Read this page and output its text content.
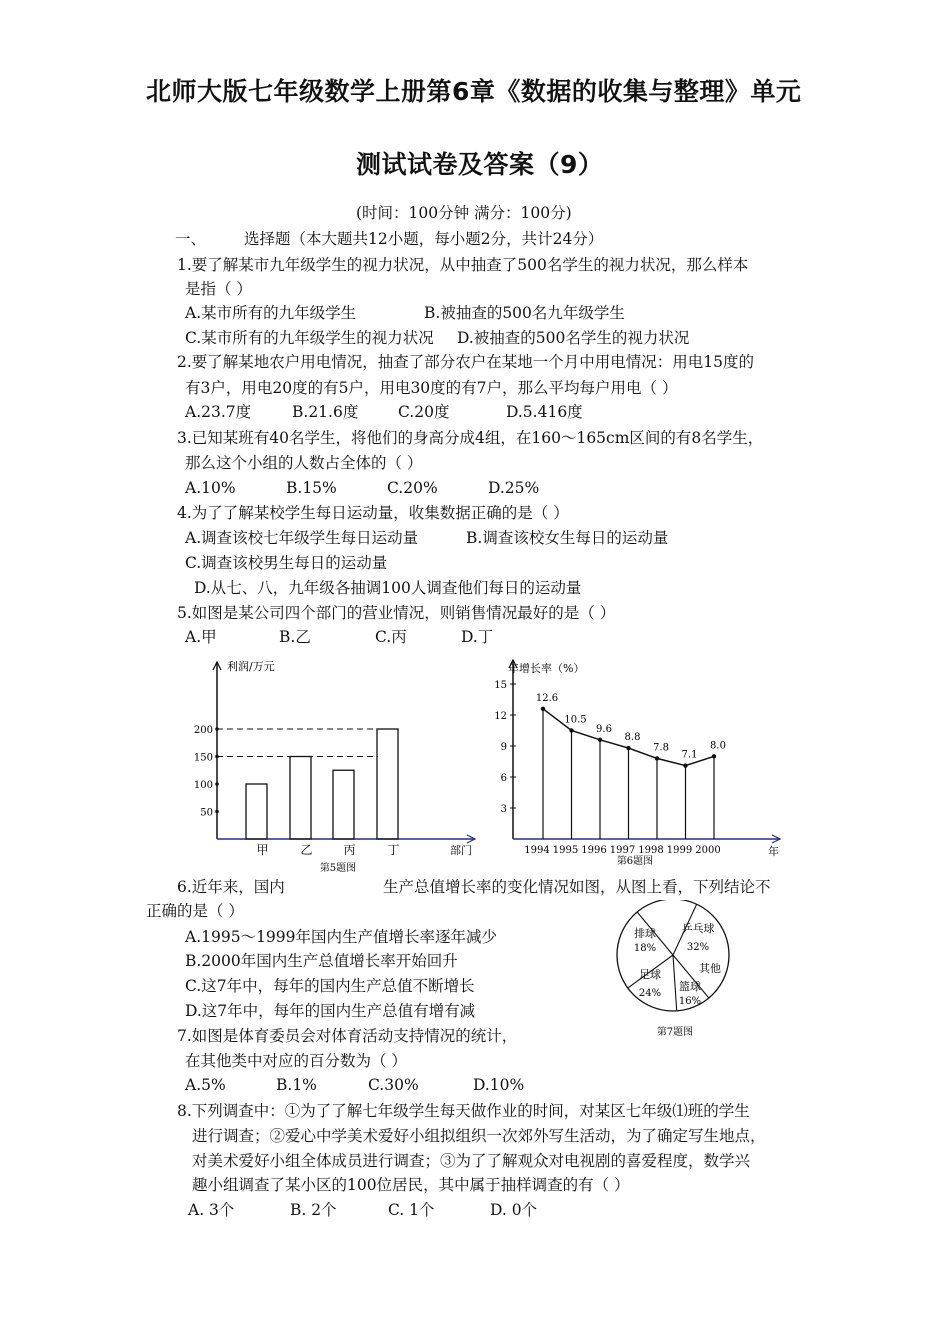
北师大版七年级数学上册第6章《数据的收集与整理》单元
测试试卷及答案（9）
(时间：100分钟 满分：100分)
一、 选择题（本大题共12小题，每小题2分，共计24分）
1.要了解某市九年级学生的视力状况，从中抽查了500名学生的视力状况，那么样本
是指（ ）
A.某市所有的九年级学生	B.被抽查的500名九年级学生
C.某市所有的九年级学生的视力状况 D.被抽查的500名学生的视力状况
2.要了解某地农户用电情况，抽查了部分农户在某地一个月中用电情况：用电15度的
有3户，用电20度的有5户，用电30度的有7户，那么平均每户用电（ ）
A.23.7度	B.21.6度	C.20度	D.5.416度
3.已知某班有40名学生，将他们的身高分成4组，在160～165cm区间的有8名学生，
那么这个小组的人数占全体的（ ）
A.10%	B.15%	C.20%	D.25%
4.为了了解某校学生每日运动量，收集数据正确的是（ ）
A.调查该校七年级学生每日运动量	B.调查该校女生每日的运动量
C.调查该校男生每日的运动量
D.从七、八，九年级各抽调100人调查他们每日的运动量
5.如图是某公司四个部门的营业情况，则销售情况最好的是（ ）
A.甲	B.乙	C.丙	D.丁
利润/万元
部门
50
100
150
200
甲	乙	丙	丁
第5题图
年增长率（%）
年
3
6
9
12
15
12.6
1994
10.5
1995
9.6
1996
8.8
1997
7.8
1998
7.1
1999
8.0
2000
第6题图
6.近年来，国内	生产总值增长率的变化情况如图，从图上看，下列结论不
正确的是（ ）
A.1995～1999年国内生产值增长率逐年减少
B.2000年国内生产总值增长率开始回升
C.这7年中，每年的国内生产总值不断增长
D.这7年中，每年的国内生产总值有增有减
乒乓球
32%
其他
篮球
16%
足球
24%
排球
18%
第7题图
7.如图是体育委员会对体育活动支持情况的统计，
在其他类中对应的百分数为（ ）
A.5%	B.1%	C.30%	D.10%
8.下列调查中：①为了了解七年级学生每天做作业的时间，对某区七年级⑴班的学生
进行调查；②爱心中学美术爱好小组拟组织一次郊外写生活动，为了确定写生地点，
对美术爱好小组全体成员进行调查；③为了了解观众对电视剧的喜爱程度，数学兴
趣小组调查了某小区的100位居民，其中属于抽样调查的有（ ）
A. 3个	B. 2个	C. 1个	D. 0个
